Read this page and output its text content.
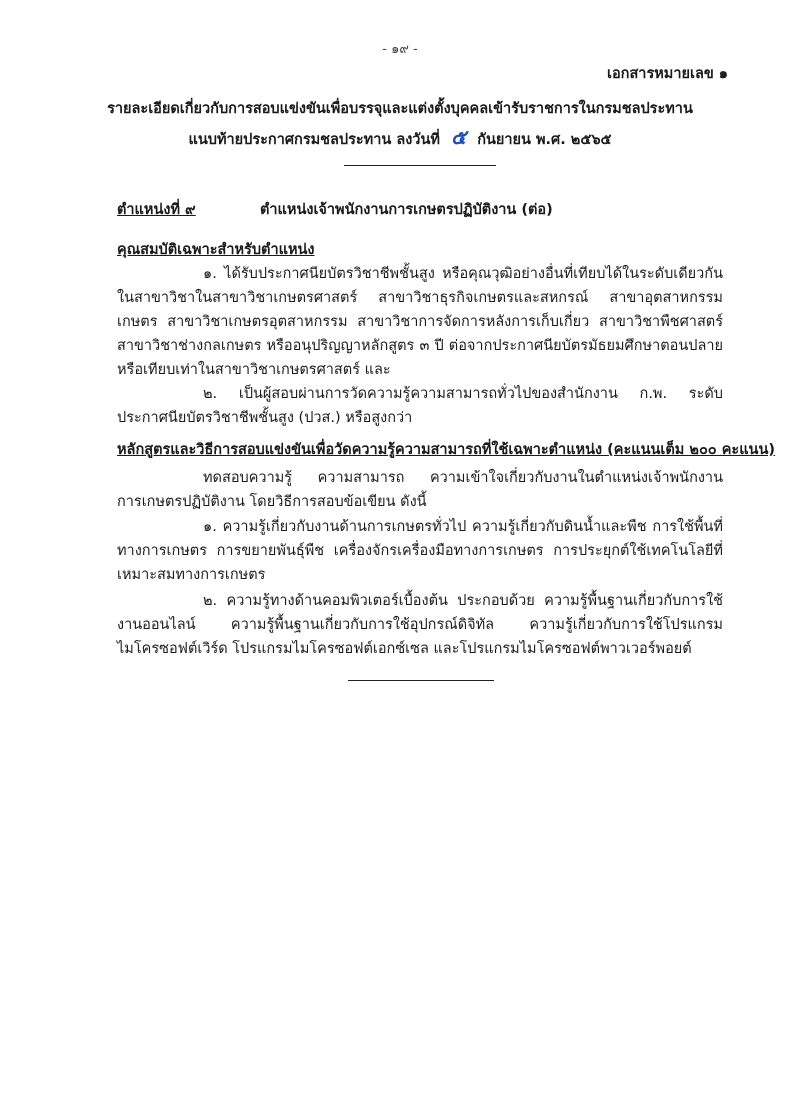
- ๑๙ -
เอกสารหมายเลข ๑
รายละเอียดเกี่ยวกับการสอบแข่งขันเพื่อบรรจุและแต่งตั้งบุคคลเข้ารับราชการในกรมชลประทาน
แนบท้ายประกาศกรมชลประทาน ลงวันที่ ๕ กันยายน พ.ศ. ๒๕๖๕
ตำแหน่งที่ ๙	ตำแหน่งเจ้าพนักงานการเกษตรปฏิบัติงาน (ต่อ)
คุณสมบัติเฉพาะสำหรับตำแหน่ง
๑. ได้รับประกาศนียบัตรวิชาชีพชั้นสูง หรือคุณวุฒิอย่างอื่นที่เทียบได้ในระดับเดียวกัน ในสาขาวิชาในสาขาวิชาเกษตรศาสตร์ สาขาวิชาธุรกิจเกษตรและสหกรณ์ สาขาอุตสาหกรรมเกษตร สาขาวิชาเกษตรอุตสาหกรรม สาขาวิชาการจัดการหลังการเก็บเกี่ยว สาขาวิชาพืชศาสตร์ สาขาวิชาช่างกลเกษตร หรืออนุปริญญาหลักสูตร ๓ ปี ต่อจากประกาศนียบัตรมัธยมศึกษาตอนปลายหรือเทียบเท่าในสาขาวิชาเกษตรศาสตร์ และ
๒. เป็นผู้สอบผ่านการวัดความรู้ความสามารถทั่วไปของสำนักงาน ก.พ. ระดับประกาศนียบัตรวิชาชีพชั้นสูง (ปวส.) หรือสูงกว่า
หลักสูตรและวิธีการสอบแข่งขันเพื่อวัดความรู้ความสามารถที่ใช้เฉพาะตำแหน่ง (คะแนนเต็ม ๒๐๐ คะแนน)
ทดสอบความรู้ ความสามารถ ความเข้าใจเกี่ยวกับงานในตำแหน่งเจ้าพนักงานการเกษตรปฏิบัติงาน โดยวิธีการสอบข้อเขียน ดังนี้
๑. ความรู้เกี่ยวกับงานด้านการเกษตรทั่วไป ความรู้เกี่ยวกับดินน้ำและพืช การใช้พื้นที่ทางการเกษตร การขยายพันธุ์พืช เครื่องจักรเครื่องมือทางการเกษตร การประยุกต์ใช้เทคโนโลยีที่เหมาะสมทางการเกษตร
๒. ความรู้ทางด้านคอมพิวเตอร์เบื้องต้น ประกอบด้วย ความรู้พื้นฐานเกี่ยวกับการใช้งานออนไลน์ ความรู้พื้นฐานเกี่ยวกับการใช้อุปกรณ์ดิจิทัล ความรู้เกี่ยวกับการใช้โปรแกรมไมโครซอฟต์เวิร์ด โปรแกรมไมโครซอฟต์เอกซ์เซล และโปรแกรมไมโครซอฟต์พาวเวอร์พอยต์
